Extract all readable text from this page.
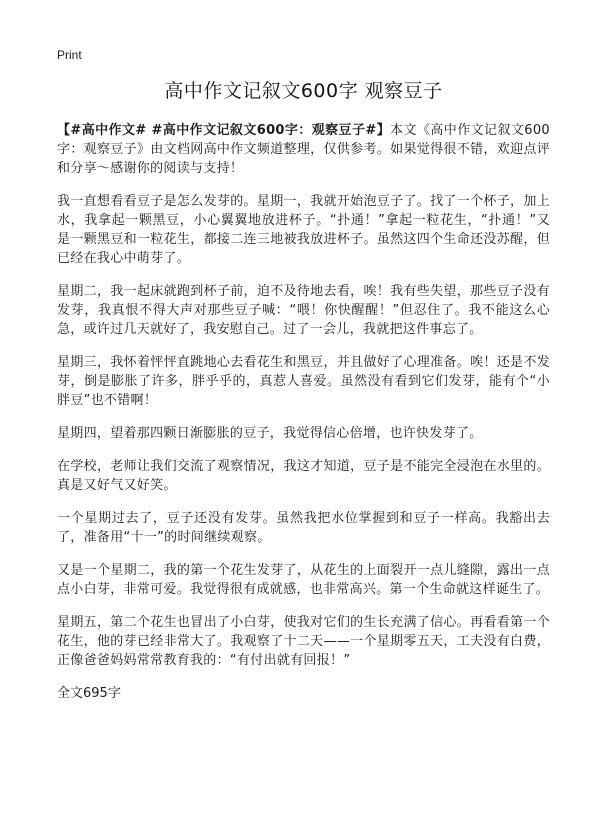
Print
高中作文记叙文600字 观察豆子

【#高中作文# #高中作文记叙文600字：观察豆子#】本文《高中作文记叙文600字：观察豆子》由文档网高中作文频道整理，仅供参考。如果觉得很不错，欢迎点评和分享～感谢你的阅读与支持！

我一直想看看豆子是怎么发芽的。星期一，我就开始泡豆子了。找了一个杯子，加上水，我拿起一颗黑豆，小心翼翼地放进杯子。“扑通！”拿起一粒花生，“扑通！”又是一颗黑豆和一粒花生，都接二连三地被我放进杯子。虽然这四个生命还没苏醒，但已经在我心中萌芽了。

星期二，我一起床就跑到杯子前，迫不及待地去看，唉！我有些失望，那些豆子没有发芽，我真恨不得大声对那些豆子喊：“喂！你快醒醒！”但忍住了。我不能这么心急，或许过几天就好了，我安慰自己。过了一会儿，我就把这件事忘了。

星期三，我怀着怦怦直跳地心去看花生和黑豆，并且做好了心理准备。唉！还是不发芽，倒是膨胀了许多，胖乎乎的，真惹人喜爱。虽然没有看到它们发芽，能有个“小胖豆”也不错啊！

星期四，望着那四颗日渐膨胀的豆子，我觉得信心倍增，也许快发芽了。

在学校，老师让我们交流了观察情况，我这才知道，豆子是不能完全浸泡在水里的。真是又好气又好笑。

一个星期过去了，豆子还没有发芽。虽然我把水位掌握到和豆子一样高。我豁出去了，准备用“十一”的时间继续观察。

又是一个星期二，我的第一个花生发芽了，从花生的上面裂开一点儿缝隙，露出一点点小白芽，非常可爱。我觉得很有成就感，也非常高兴。第一个生命就这样诞生了。

星期五，第二个花生也冒出了小白芽，使我对它们的生长充满了信心。再看看第一个花生，他的芽已经非常大了。我观察了十二天——一个星期零五天，工夫没有白费，正像爸爸妈妈常常教育我的：“有付出就有回报！”

全文695字
